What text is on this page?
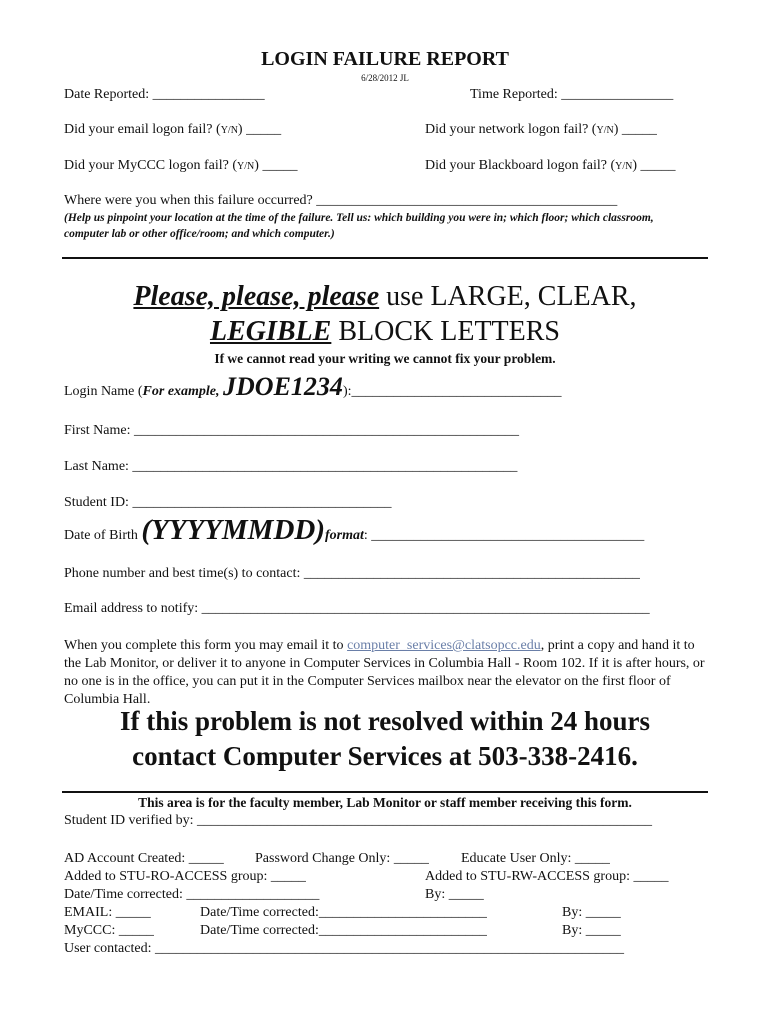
LOGIN FAILURE REPORT
6/28/2012 JL
Date Reported: ________________	Time Reported: ________________
Did your email logon fail? (Y/N) _____	Did your network logon fail? (Y/N) _____
Did your MyCCC logon fail? (Y/N) _____	Did your Blackboard logon fail? (Y/N) _____
Where were you when this failure occurred? ___________________________________________
(Help us pinpoint your location at the time of the failure. Tell us: which building you were in; which floor; which classroom, computer lab or other office/room; and which computer.)
Please, please, please use LARGE, CLEAR,
LEGIBLE BLOCK LETTERS
If we cannot read your writing we cannot fix your problem.
Login Name (For example, JDOE1234):______________________________
First Name: _______________________________________________________
Last Name: _______________________________________________________
Student ID: _____________________________________
Date of Birth (YYYYMMDD)format: _______________________________________
Phone number and best time(s) to contact: ________________________________________________
Email address to notify: ________________________________________________________________
When you complete this form you may email it to computer_services@clatsopcc.edu, print a copy and hand it to the Lab Monitor, or deliver it to anyone in Computer Services in Columbia Hall - Room 102. If it is after hours, or no one is in the office, you can put it in the Computer Services mailbox near the elevator on the first floor of Columbia Hall.
If this problem is not resolved within 24 hours
contact Computer Services at 503-338-2416.
This area is for the faculty member, Lab Monitor or staff member receiving this form.
Student ID verified by: _________________________________________________________________
AD Account Created: _____ Password Change Only: _____ Educate User Only: _____
Added to STU-RO-ACCESS group: _____	Added to STU-RW-ACCESS group: _____
Date/Time corrected: ___________________	By: _____
EMAIL: _____	Date/Time corrected:________________________	By: _____
MyCCC: _____	Date/Time corrected:________________________	By: _____
User contacted: ___________________________________________________________________
